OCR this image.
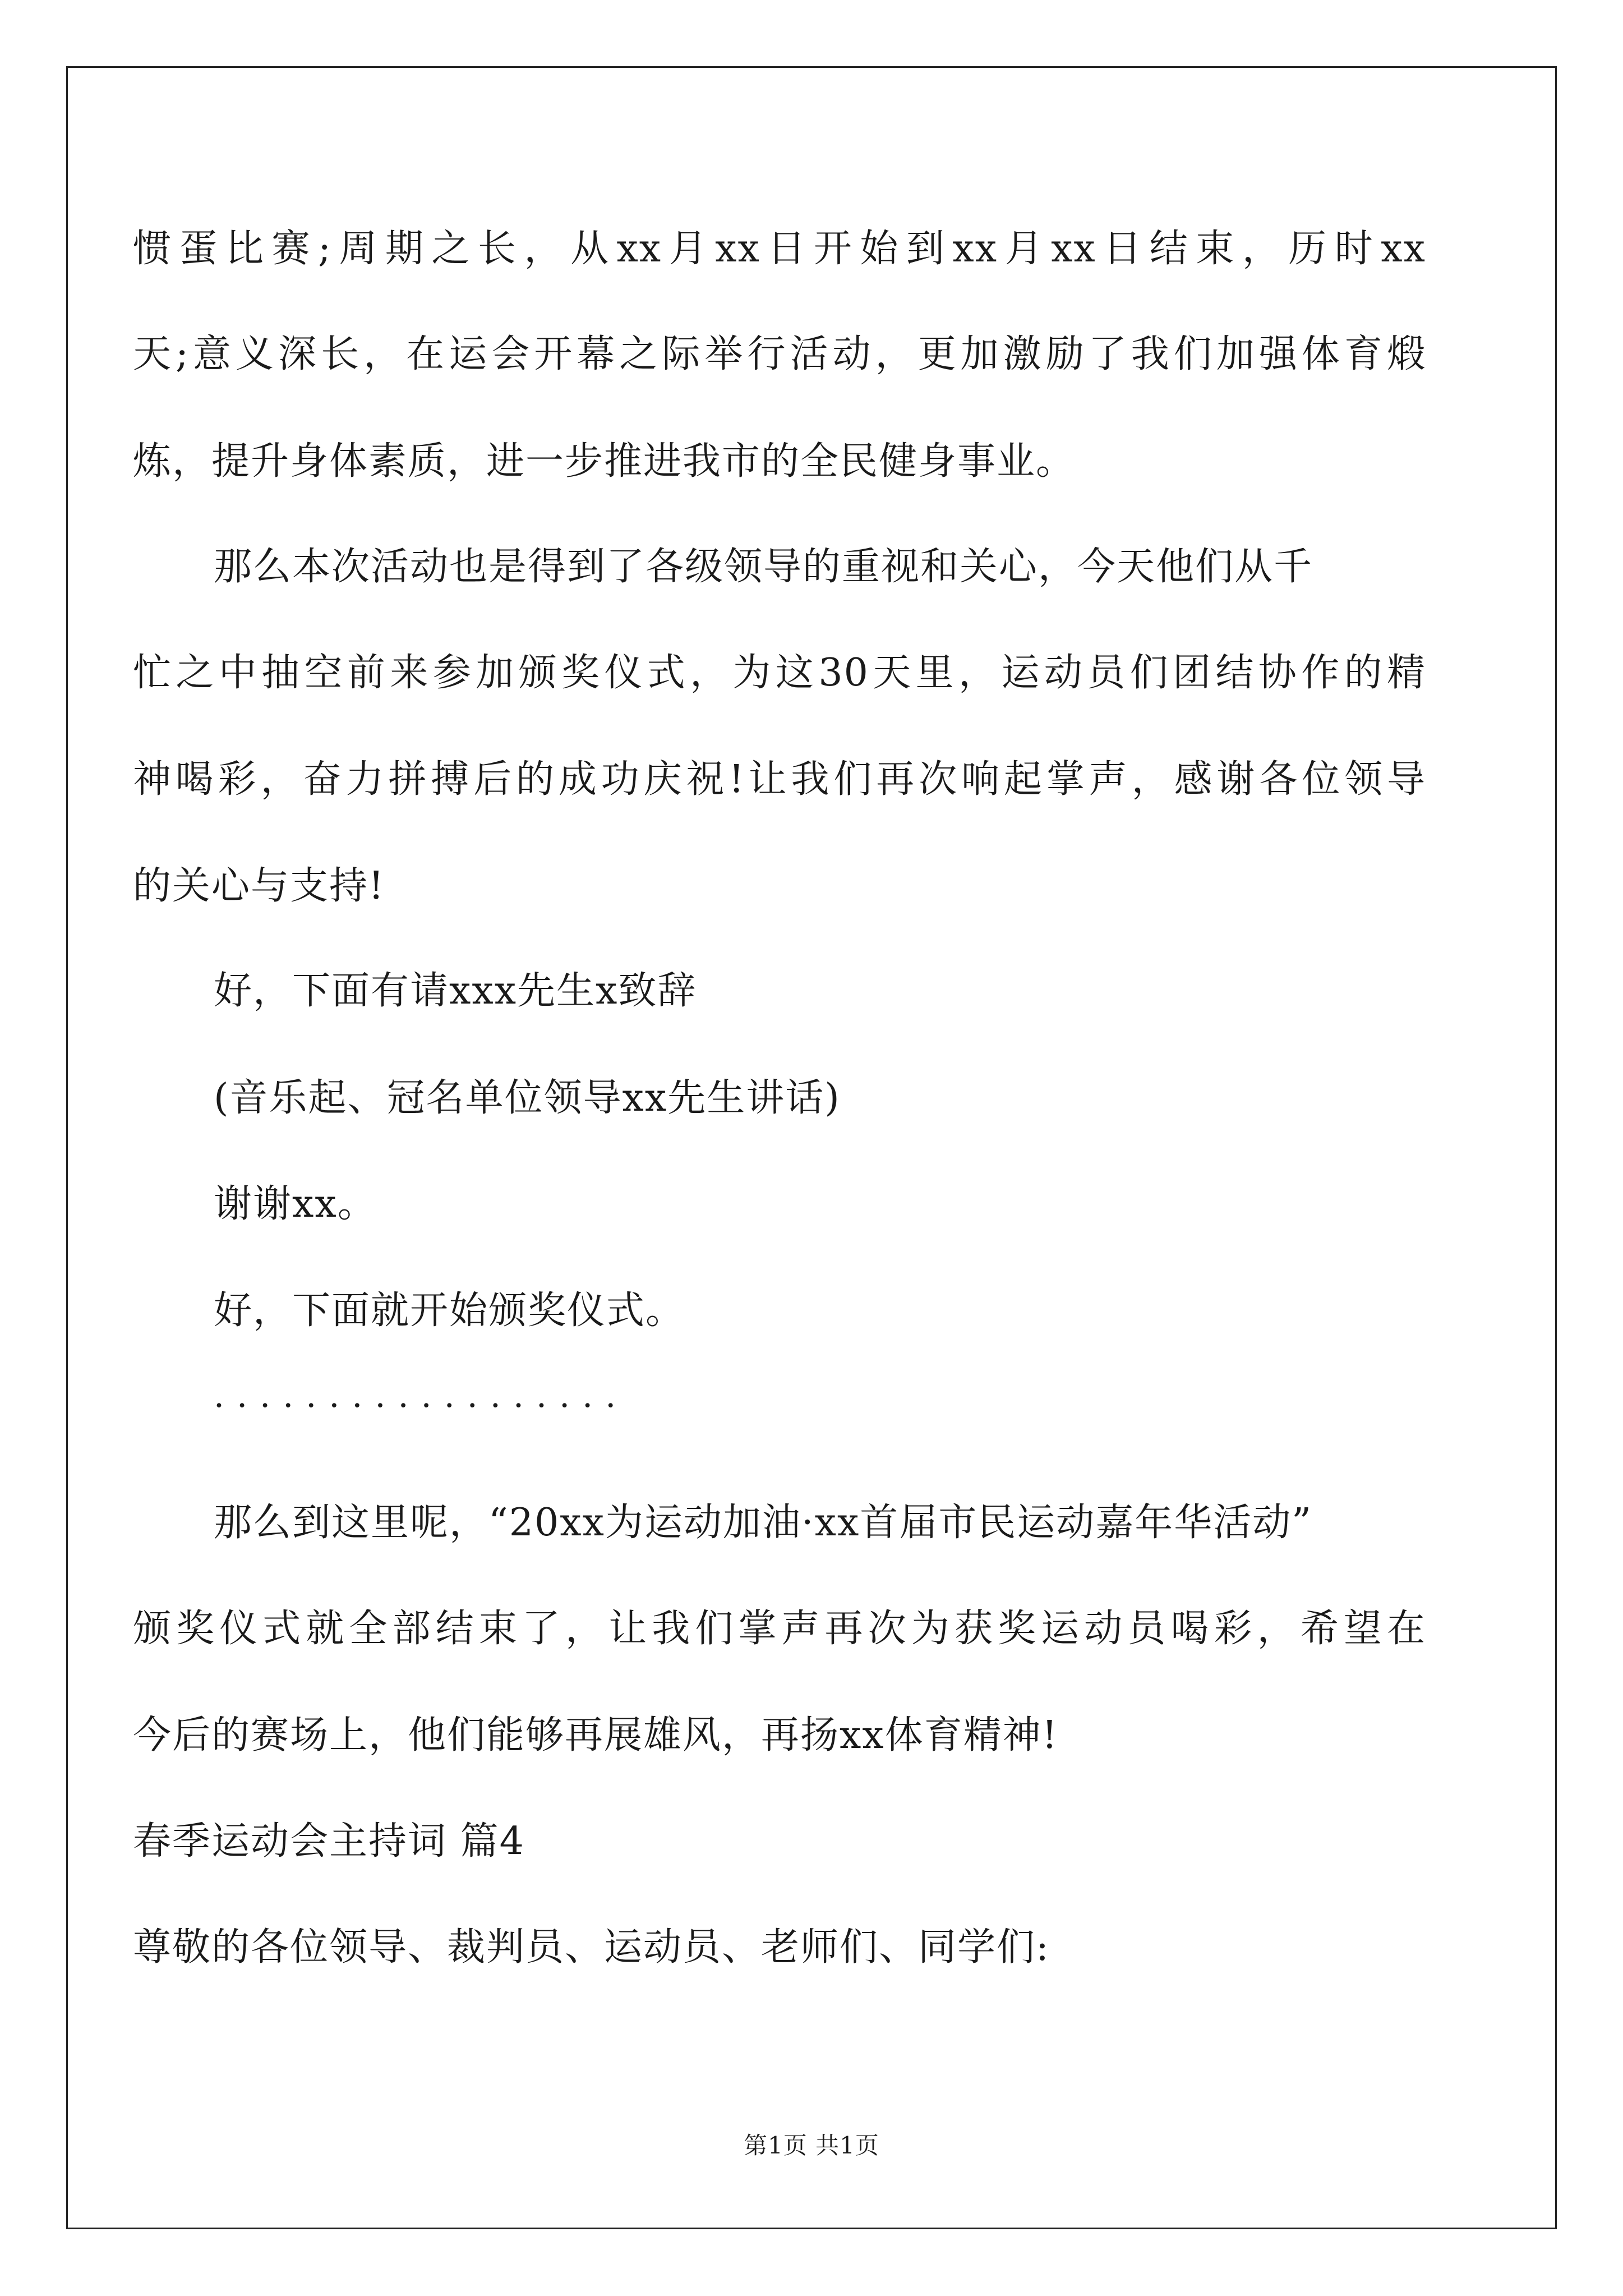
惯蛋比赛;周期之长，从xx月xx日开始到xx月xx日结束，历时xx
天;意义深长，在运会开幕之际举行活动，更加激励了我们加强体育煅
炼，提升身体素质，进一步推进我市的全民健身事业。
那么本次活动也是得到了各级领导的重视和关心，今天他们从千
忙之中抽空前来参加颁奖仪式，为这30天里，运动员们团结协作的精
神喝彩，奋力拼搏后的成功庆祝!让我们再次响起掌声，感谢各位领导
的关心与支持!
好，下面有请xxx先生x致辞
(音乐起、冠名单位领导xx先生讲话)
谢谢xx。
好，下面就开始颁奖仪式。
··················
那么到这里呢，“20xx为运动加油·xx首届市民运动嘉年华活动”
颁奖仪式就全部结束了，让我们掌声再次为获奖运动员喝彩，希望在
今后的赛场上，他们能够再展雄风，再扬xx体育精神!
春季运动会主持词 篇4
尊敬的各位领导、裁判员、运动员、老师们、同学们:
第1页 共1页
